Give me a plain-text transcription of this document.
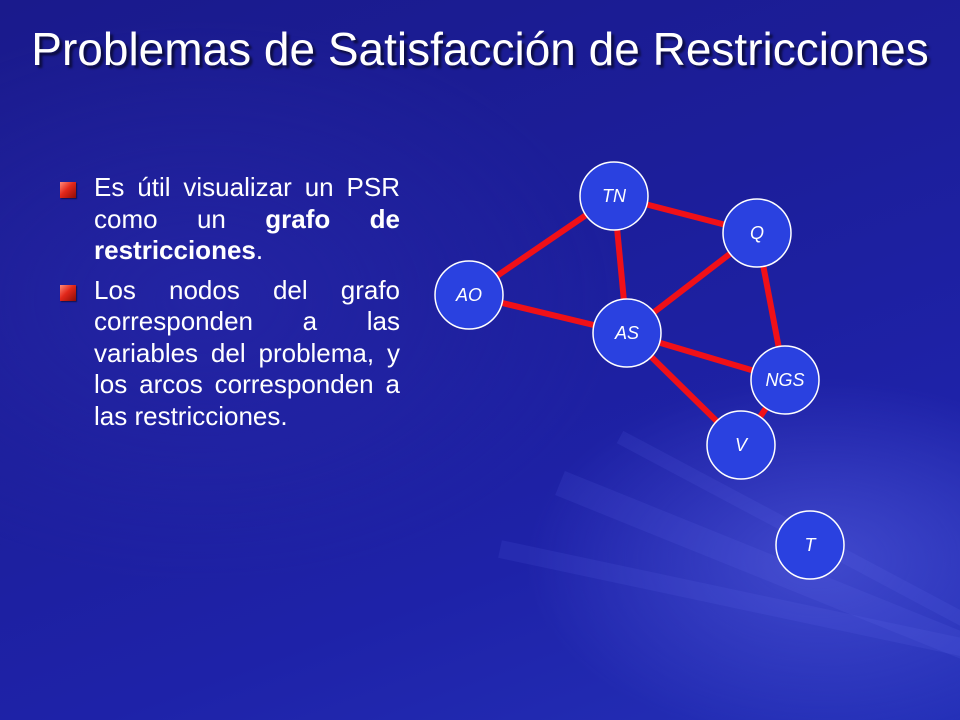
Problemas de Satisfacción de Restricciones
Es útil visualizar un PSR como un grafo de restricciones.
Los nodos del grafo corresponden a las variables del problema, y los arcos corresponden a las restricciones.
TN
Q
AO
AS
NGS
V
T
